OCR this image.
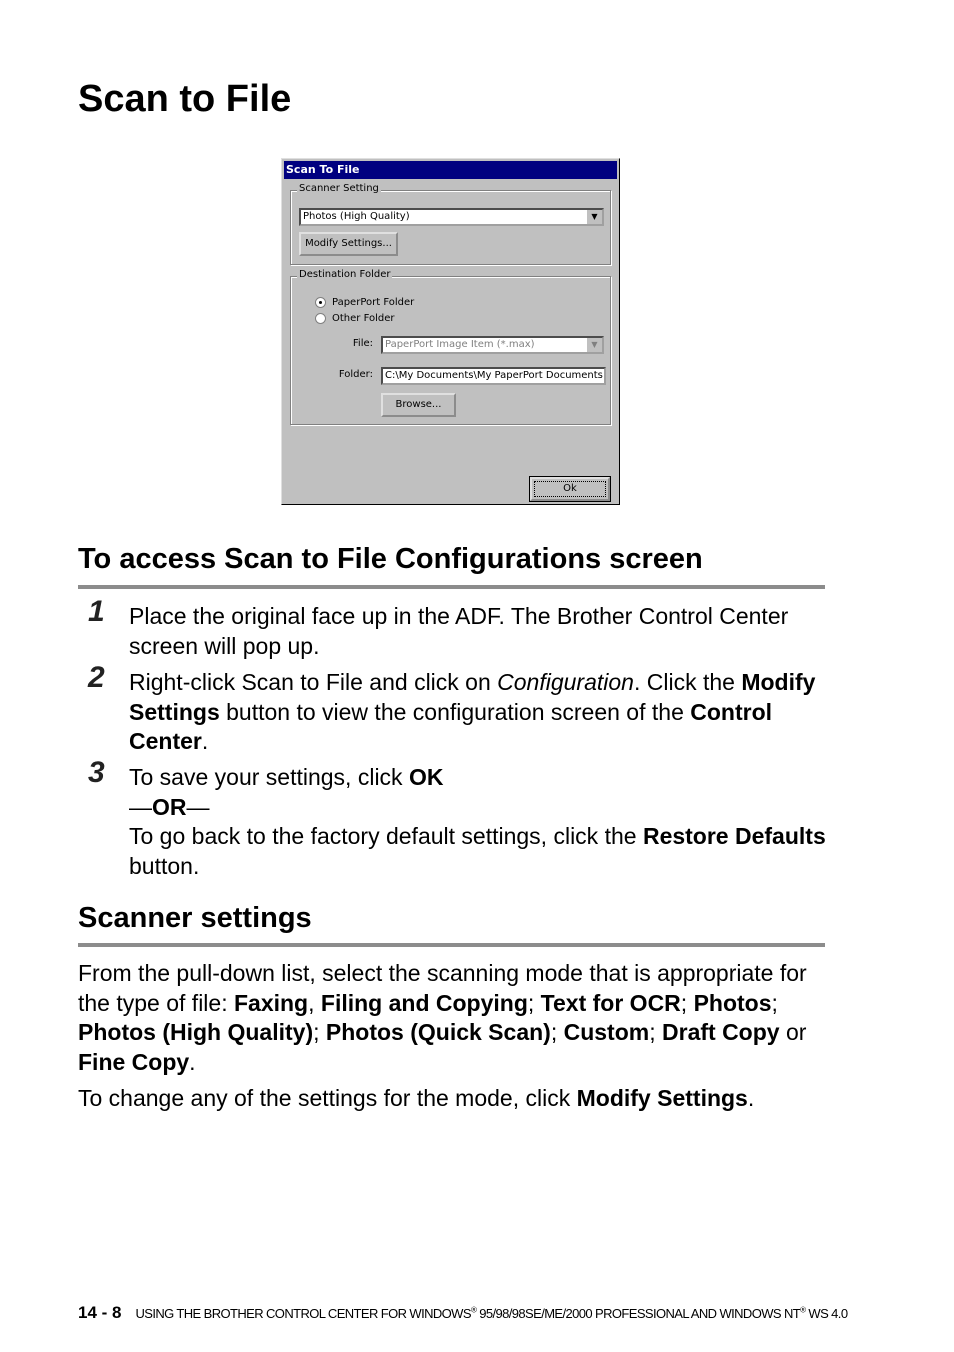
Scan to File
Scan To File
Scanner Setting
Photos (High Quality)	▼
Modify Settings...
Destination Folder
PaperPort Folder
Other Folder
File:	PaperPort Image Item (*.max)	▼
Folder:	C:\My Documents\My PaperPort Documents
Browse...
Ok
To access Scan to File Configurations screen
1 Place the original face up in the ADF. The Brother Control Center screen will pop up.

2 Right-click Scan to File and click on Configuration. Click the Modify Settings button to view the configuration screen of the Control Center.

3 To save your settings, click OK
—OR—
To go back to the factory default settings, click the Restore Defaults button.

Scanner settings

From the pull-down list, select the scanning mode that is appropriate for the type of file: Faxing, Filing and Copying; Text for OCR; Photos; Photos (High Quality); Photos (Quick Scan); Custom; Draft Copy or Fine Copy.

To change any of the settings for the mode, click Modify Settings.

14 - 8 USING THE BROTHER CONTROL CENTER FOR WINDOWS® 95/98/98SE/ME/2000 PROFESSIONAL AND WINDOWS NT® WS 4.0
